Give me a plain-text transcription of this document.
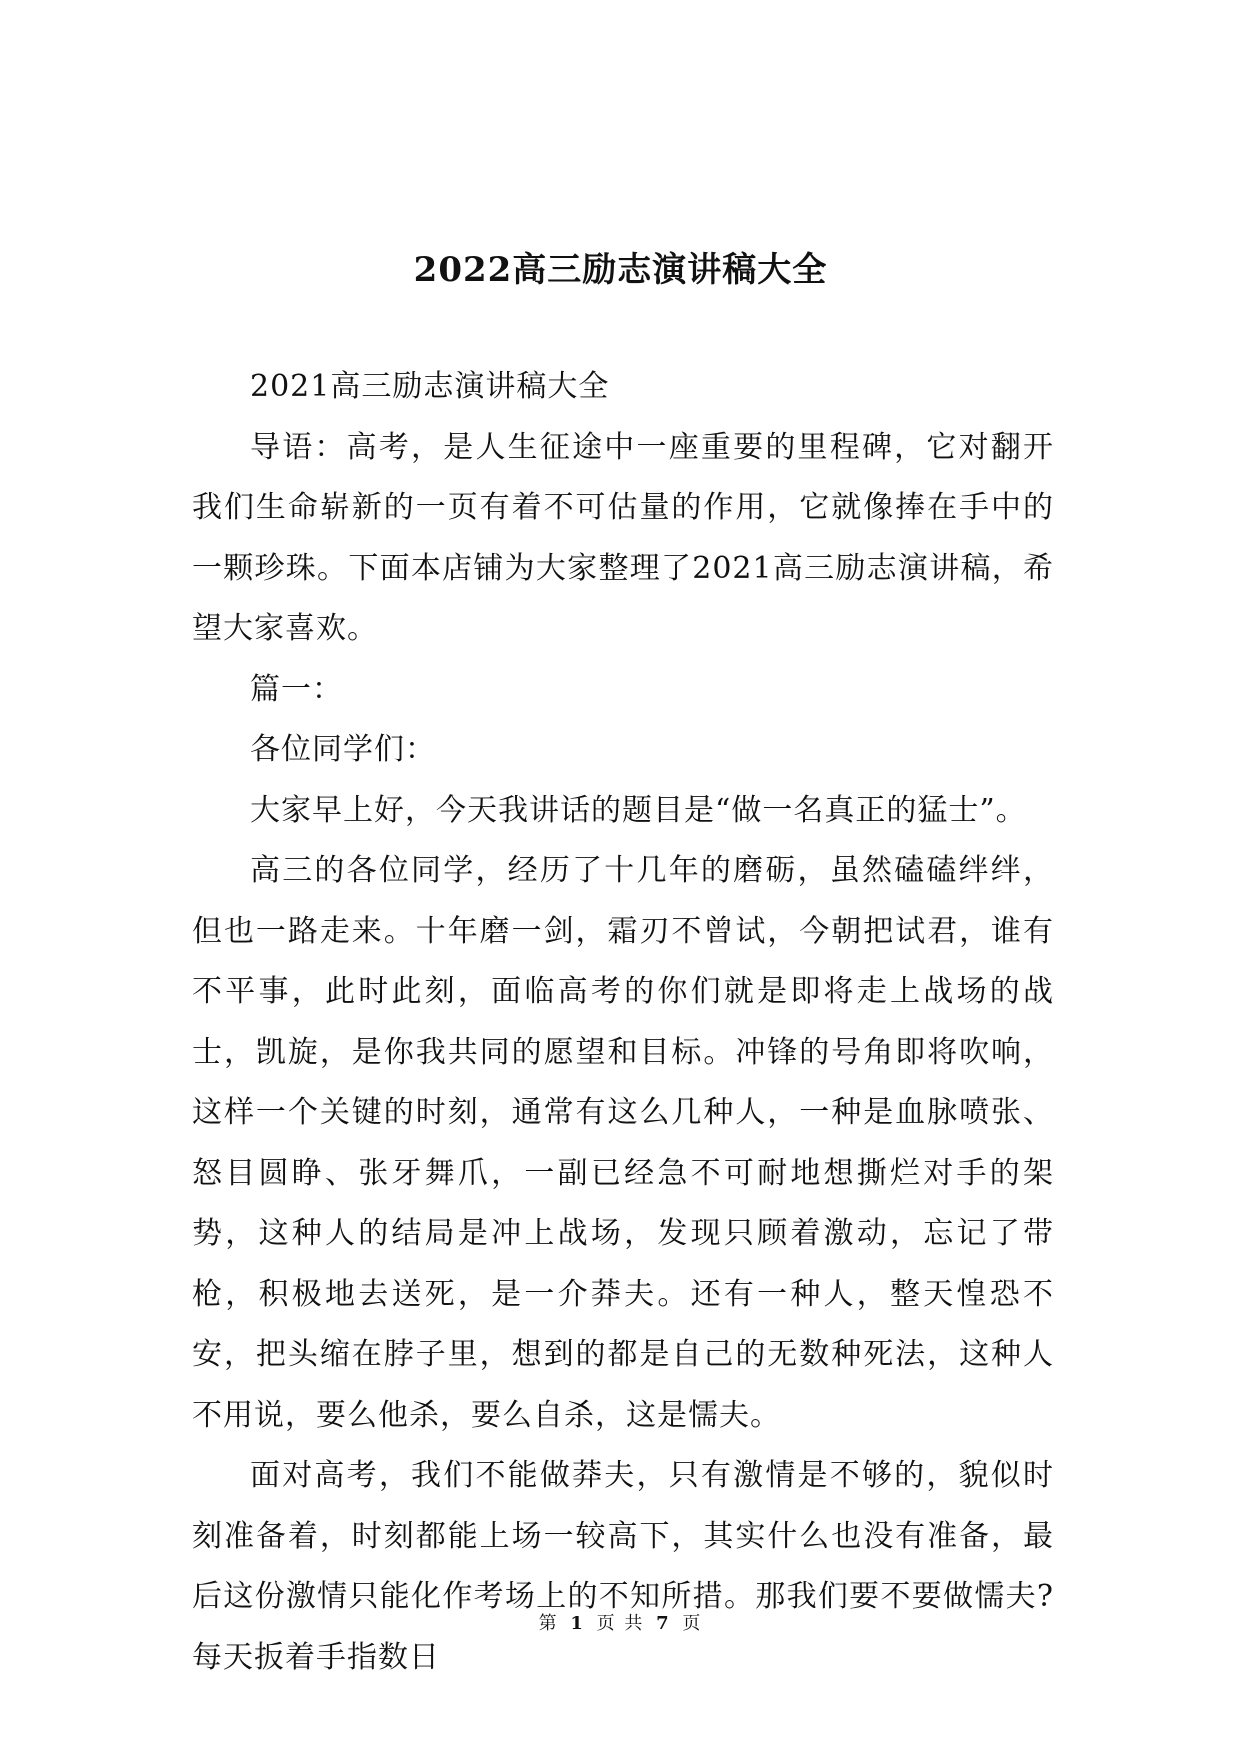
2022高三励志演讲稿大全

2021高三励志演讲稿大全

导语：高考，是人生征途中一座重要的里程碑，它对翻开我们生命崭新的一页有着不可估量的作用，它就像捧在手中的一颗珍珠。下面本店铺为大家整理了2021高三励志演讲稿，希望大家喜欢。

篇一：

各位同学们：

大家早上好，今天我讲话的题目是“做一名真正的猛士”。

高三的各位同学，经历了十几年的磨砺，虽然磕磕绊绊，但也一路走来。十年磨一剑，霜刃不曾试，今朝把试君，谁有不平事，此时此刻，面临高考的你们就是即将走上战场的战士，凯旋，是你我共同的愿望和目标。冲锋的号角即将吹响，这样一个关键的时刻，通常有这么几种人，一种是血脉喷张、怒目圆睁、张牙舞爪，一副已经急不可耐地想撕烂对手的架势，这种人的结局是冲上战场，发现只顾着激动，忘记了带枪，积极地去送死，是一介莽夫。还有一种人，整天惶恐不安，把头缩在脖子里，想到的都是自己的无数种死法，这种人不用说，要么他杀，要么自杀，这是懦夫。

面对高考，我们不能做莽夫，只有激情是不够的，貌似时刻准备着，时刻都能上场一较高下，其实什么也没有准备，最后这份激情只能化作考场上的不知所措。那我们要不要做懦夫?每天扳着手指数日

第 1 页 共 7 页
